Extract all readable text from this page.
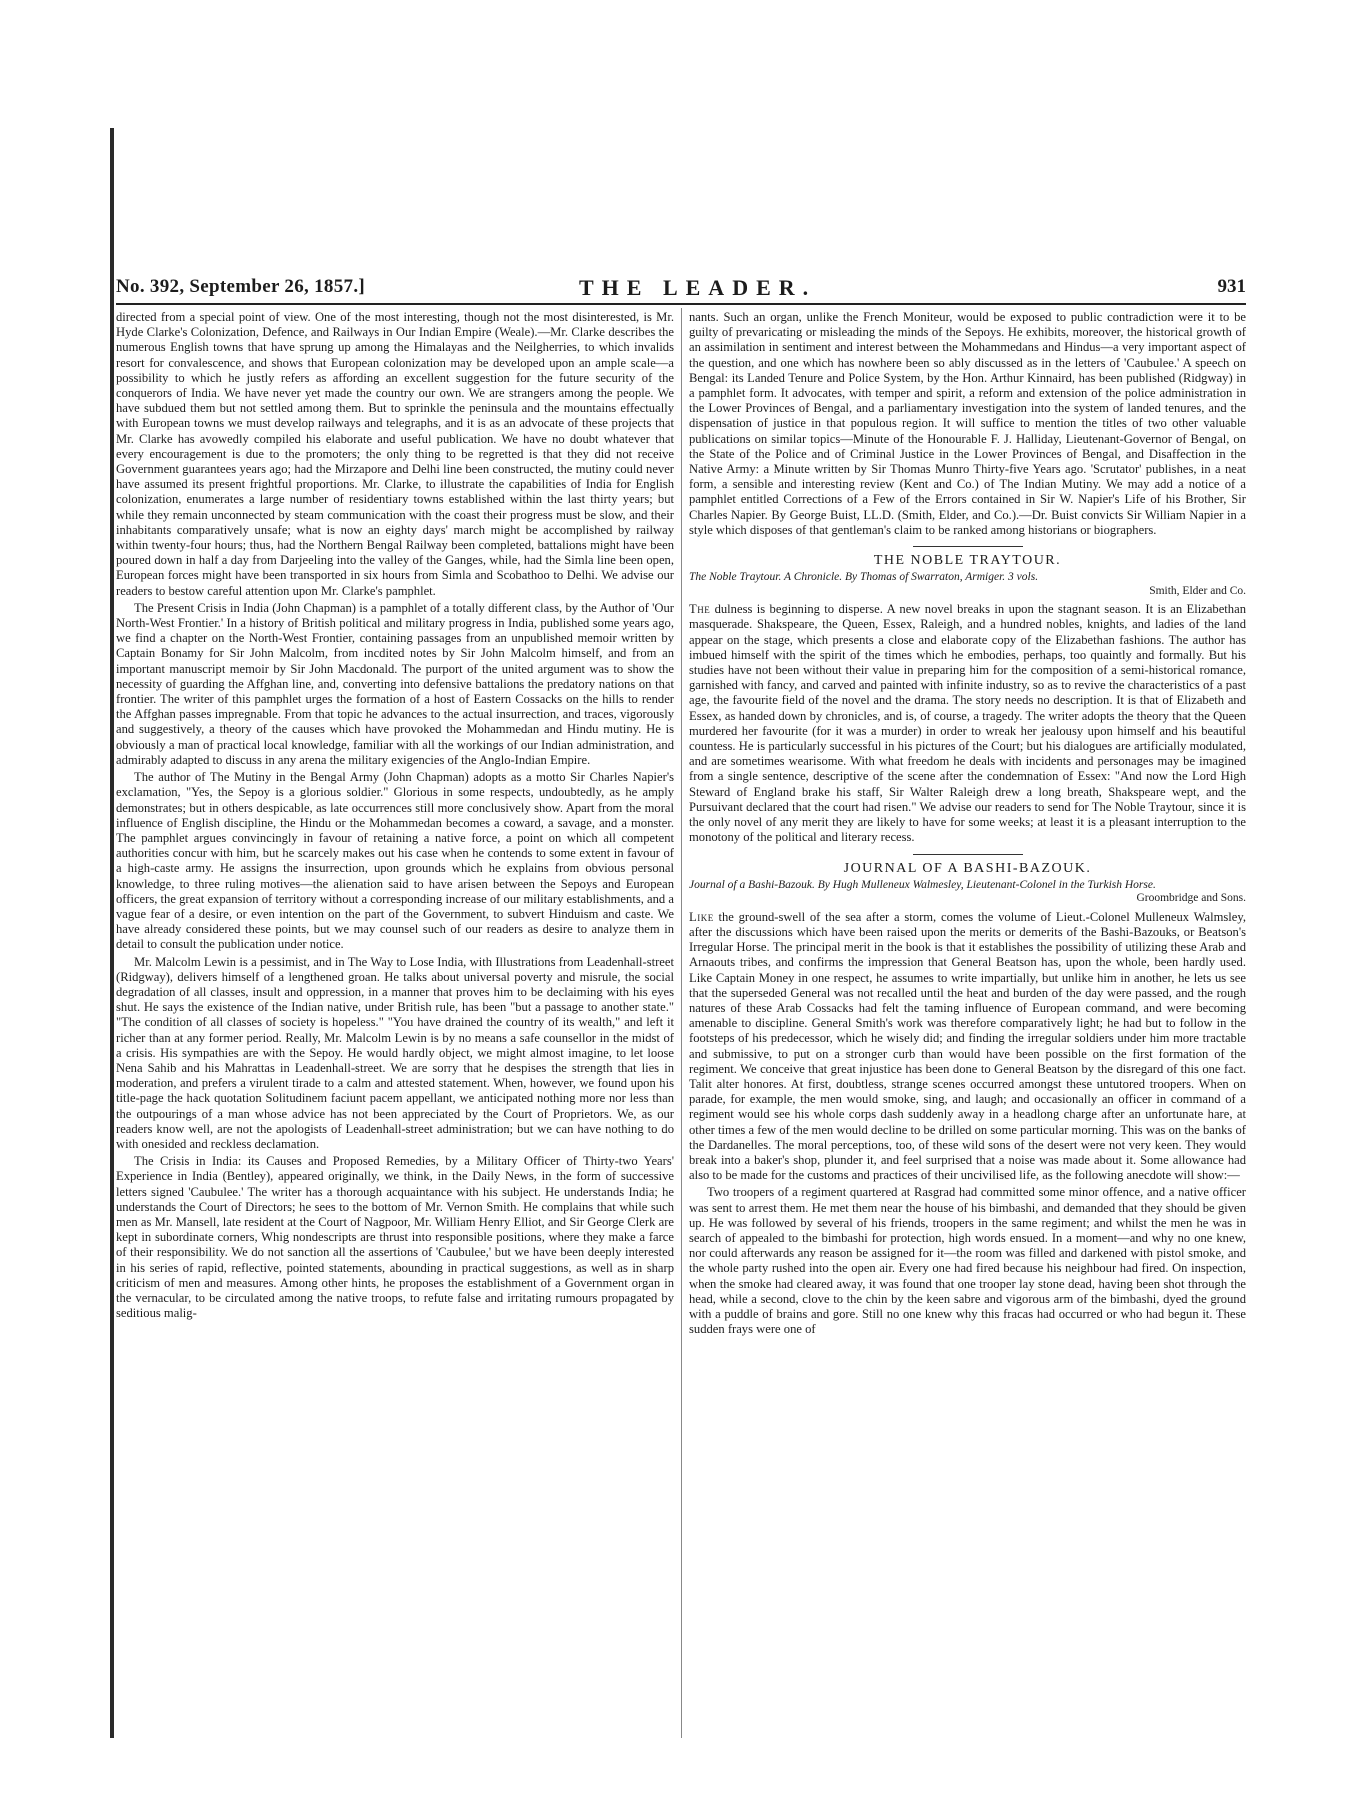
No. 392, September 26, 1857.]	THE LEADER.	931

directed from a special point of view. One of the most interesting, though not the most disinterested, is Mr. Hyde Clarke's Colonization, Defence, and Railways in Our Indian Empire (Weale).—Mr. Clarke describes the numerous English towns that have sprung up among the Himalayas and the Neilgherries, to which invalids resort for convalescence, and shows that European colonization may be developed upon an ample scale—a possibility to which he justly refers as affording an excellent suggestion for the future security of the conquerors of India. We have never yet made the country our own. We are strangers among the people. We have subdued them but not settled among them. But to sprinkle the peninsula and the mountains effectually with European towns we must develop railways and telegraphs, and it is as an advocate of these projects that Mr. Clarke has avowedly compiled his elaborate and useful publication. We have no doubt whatever that every encouragement is due to the promoters; the only thing to be regretted is that they did not receive Government guarantees years ago; had the Mirzapore and Delhi line been constructed, the mutiny could never have assumed its present frightful proportions. Mr. Clarke, to illustrate the capabilities of India for English colonization, enumerates a large number of residentiary towns established within the last thirty years; but while they remain unconnected by steam communication with the coast their progress must be slow, and their inhabitants comparatively unsafe; what is now an eighty days' march might be accomplished by railway within twenty-four hours; thus, had the Northern Bengal Railway been completed, battalions might have been poured down in half a day from Darjeeling into the valley of the Ganges, while, had the Simla line been open, European forces might have been transported in six hours from Simla and Scobathoo to Delhi. We advise our readers to bestow careful attention upon Mr. Clarke's pamphlet.

The Present Crisis in India (John Chapman) is a pamphlet of a totally different class, by the Author of 'Our North-West Frontier.' In a history of British political and military progress in India, published some years ago, we find a chapter on the North-West Frontier, containing passages from an unpublished memoir written by Captain Bonamy for Sir John Malcolm, from incdited notes by Sir John Malcolm himself, and from an important manuscript memoir by Sir John Macdonald. The purport of the united argument was to show the necessity of guarding the Affghan line, and, converting into defensive battalions the predatory nations on that frontier. The writer of this pamphlet urges the formation of a host of Eastern Cossacks on the hills to render the Affghan passes impregnable. From that topic he advances to the actual insurrection, and traces, vigorously and suggestively, a theory of the causes which have provoked the Mohammedan and Hindu mutiny. He is obviously a man of practical local knowledge, familiar with all the workings of our Indian administration, and admirably adapted to discuss in any arena the military exigencies of the Anglo-Indian Empire.

The author of The Mutiny in the Bengal Army (John Chapman) adopts as a motto Sir Charles Napier's exclamation, "Yes, the Sepoy is a glorious soldier." Glorious in some respects, undoubtedly, as he amply demonstrates; but in others despicable, as late occurrences still more conclusively show. Apart from the moral influence of English discipline, the Hindu or the Mohammedan becomes a coward, a savage, and a monster. The pamphlet argues convincingly in favour of retaining a native force, a point on which all competent authorities concur with him, but he scarcely makes out his case when he contends to some extent in favour of a high-caste army. He assigns the insurrection, upon grounds which he explains from obvious personal knowledge, to three ruling motives—the alienation said to have arisen between the Sepoys and European officers, the great expansion of territory without a corresponding increase of our military establishments, and a vague fear of a desire, or even intention on the part of the Government, to subvert Hinduism and caste. We have already considered these points, but we may counsel such of our readers as desire to analyze them in detail to consult the publication under notice.

Mr. Malcolm Lewin is a pessimist, and in The Way to Lose India, with Illustrations from Leadenhall-street (Ridgway), delivers himself of a lengthened groan. He talks about universal poverty and misrule, the social degradation of all classes, insult and oppression, in a manner that proves him to be declaiming with his eyes shut. He says the existence of the Indian native, under British rule, has been "but a passage to another state." "The condition of all classes of society is hopeless." "You have drained the country of its wealth," and left it richer than at any former period. Really, Mr. Malcolm Lewin is by no means a safe counsellor in the midst of a crisis. His sympathies are with the Sepoy. He would hardly object, we might almost imagine, to let loose Nena Sahib and his Mahrattas in Leadenhall-street. We are sorry that he despises the strength that lies in moderation, and prefers a virulent tirade to a calm and attested statement. When, however, we found upon his title-page the hack quotation Solitudinem faciunt pacem appellant, we anticipated nothing more nor less than the outpourings of a man whose advice has not been appreciated by the Court of Proprietors. We, as our readers know well, are not the apologists of Leadenhall-street administration; but we can have nothing to do with onesided and reckless declamation.

The Crisis in India: its Causes and Proposed Remedies, by a Military Officer of Thirty-two Years' Experience in India (Bentley), appeared originally, we think, in the Daily News, in the form of successive letters signed 'Caubulee.' The writer has a thorough acquaintance with his subject. He understands India; he understands the Court of Directors; he sees to the bottom of Mr. Vernon Smith. He complains that while such men as Mr. Mansell, late resident at the Court of Nagpoor, Mr. William Henry Elliot, and Sir George Clerk are kept in subordinate corners, Whig nondescripts are thrust into responsible positions, where they make a farce of their responsibility. We do not sanction all the assertions of 'Caubulee,' but we have been deeply interested in his series of rapid, reflective, pointed statements, abounding in practical suggestions, as well as in sharp criticism of men and measures. Among other hints, he proposes the establishment of a Government organ in the vernacular, to be circulated among the native troops, to refute false and irritating rumours propagated by seditious malig-

nants. Such an organ, unlike the French Moniteur, would be exposed to public contradiction were it to be guilty of prevaricating or misleading the minds of the Sepoys. He exhibits, moreover, the historical growth of an assimilation in sentiment and interest between the Mohammedans and Hindus—a very important aspect of the question, and one which has nowhere been so ably discussed as in the letters of 'Caubulee.' A speech on Bengal: its Landed Tenure and Police System, by the Hon. Arthur Kinnaird, has been published (Ridgway) in a pamphlet form. It advocates, with temper and spirit, a reform and extension of the police administration in the Lower Provinces of Bengal, and a parliamentary investigation into the system of landed tenures, and the dispensation of justice in that populous region. It will suffice to mention the titles of two other valuable publications on similar topics—Minute of the Honourable F. J. Halliday, Lieutenant-Governor of Bengal, on the State of the Police and of Criminal Justice in the Lower Provinces of Bengal, and Disaffection in the Native Army: a Minute written by Sir Thomas Munro Thirty-five Years ago. 'Scrutator' publishes, in a neat form, a sensible and interesting review (Kent and Co.) of The Indian Mutiny. We may add a notice of a pamphlet entitled Corrections of a Few of the Errors contained in Sir W. Napier's Life of his Brother, Sir Charles Napier. By George Buist, LL.D. (Smith, Elder, and Co.).—Dr. Buist convicts Sir William Napier in a style which disposes of that gentleman's claim to be ranked among historians or biographers.

THE NOBLE TRAYTOUR.
The Noble Traytour. A Chronicle. By Thomas of Swarraton, Armiger. 3 vols.
Smith, Elder and Co.

The dulness is beginning to disperse. A new novel breaks in upon the stagnant season. It is an Elizabethan masquerade. Shakspeare, the Queen, Essex, Raleigh, and a hundred nobles, knights, and ladies of the land appear on the stage, which presents a close and elaborate copy of the Elizabethan fashions. The author has imbued himself with the spirit of the times which he embodies, perhaps, too quaintly and formally. But his studies have not been without their value in preparing him for the composition of a semi-historical romance, garnished with fancy, and carved and painted with infinite industry, so as to revive the characteristics of a past age, the favourite field of the novel and the drama. The story needs no description. It is that of Elizabeth and Essex, as handed down by chronicles, and is, of course, a tragedy. The writer adopts the theory that the Queen murdered her favourite (for it was a murder) in order to wreak her jealousy upon himself and his beautiful countess. He is particularly successful in his pictures of the Court; but his dialogues are artificially modulated, and are sometimes wearisome. With what freedom he deals with incidents and personages may be imagined from a single sentence, descriptive of the scene after the condemnation of Essex: "And now the Lord High Steward of England brake his staff, Sir Walter Raleigh drew a long breath, Shakspeare wept, and the Pursuivant declared that the court had risen." We advise our readers to send for The Noble Traytour, since it is the only novel of any merit they are likely to have for some weeks; at least it is a pleasant interruption to the monotony of the political and literary recess.

JOURNAL OF A BASHI-BAZOUK.
Journal of a Bashi-Bazouk. By Hugh Mulleneux Walmesley, Lieutenant-Colonel in the Turkish Horse.
Groombridge and Sons.

Like the ground-swell of the sea after a storm, comes the volume of Lieut.-Colonel Mulleneux Walmsley, after the discussions which have been raised upon the merits or demerits of the Bashi-Bazouks, or Beatson's Irregular Horse. The principal merit in the book is that it establishes the possibility of utilizing these Arab and Arnaouts tribes, and confirms the impression that General Beatson has, upon the whole, been hardly used. Like Captain Money in one respect, he assumes to write impartially, but unlike him in another, he lets us see that the superseded General was not recalled until the heat and burden of the day were passed, and the rough natures of these Arab Cossacks had felt the taming influence of European command, and were becoming amenable to discipline. General Smith's work was therefore comparatively light; he had but to follow in the footsteps of his predecessor, which he wisely did; and finding the irregular soldiers under him more tractable and submissive, to put on a stronger curb than would have been possible on the first formation of the regiment. We conceive that great injustice has been done to General Beatson by the disregard of this one fact. Talit alter honores. At first, doubtless, strange scenes occurred amongst these untutored troopers. When on parade, for example, the men would smoke, sing, and laugh; and occasionally an officer in command of a regiment would see his whole corps dash suddenly away in a headlong charge after an unfortunate hare, at other times a few of the men would decline to be drilled on some particular morning. This was on the banks of the Dardanelles. The moral perceptions, too, of these wild sons of the desert were not very keen. They would break into a baker's shop, plunder it, and feel surprised that a noise was made about it. Some allowance had also to be made for the customs and practices of their uncivilised life, as the following anecdote will show:—

Two troopers of a regiment quartered at Rasgrad had committed some minor offence, and a native officer was sent to arrest them. He met them near the house of his bimbashi, and demanded that they should be given up. He was followed by several of his friends, troopers in the same regiment; and whilst the men he was in search of appealed to the bimbashi for protection, high words ensued. In a moment—and why no one knew, nor could afterwards any reason be assigned for it—the room was filled and darkened with pistol smoke, and the whole party rushed into the open air. Every one had fired because his neighbour had fired. On inspection, when the smoke had cleared away, it was found that one trooper lay stone dead, having been shot through the head, while a second, clove to the chin by the keen sabre and vigorous arm of the bimbashi, dyed the ground with a puddle of brains and gore. Still no one knew why this fracas had occurred or who had begun it. These sudden frays were one of
